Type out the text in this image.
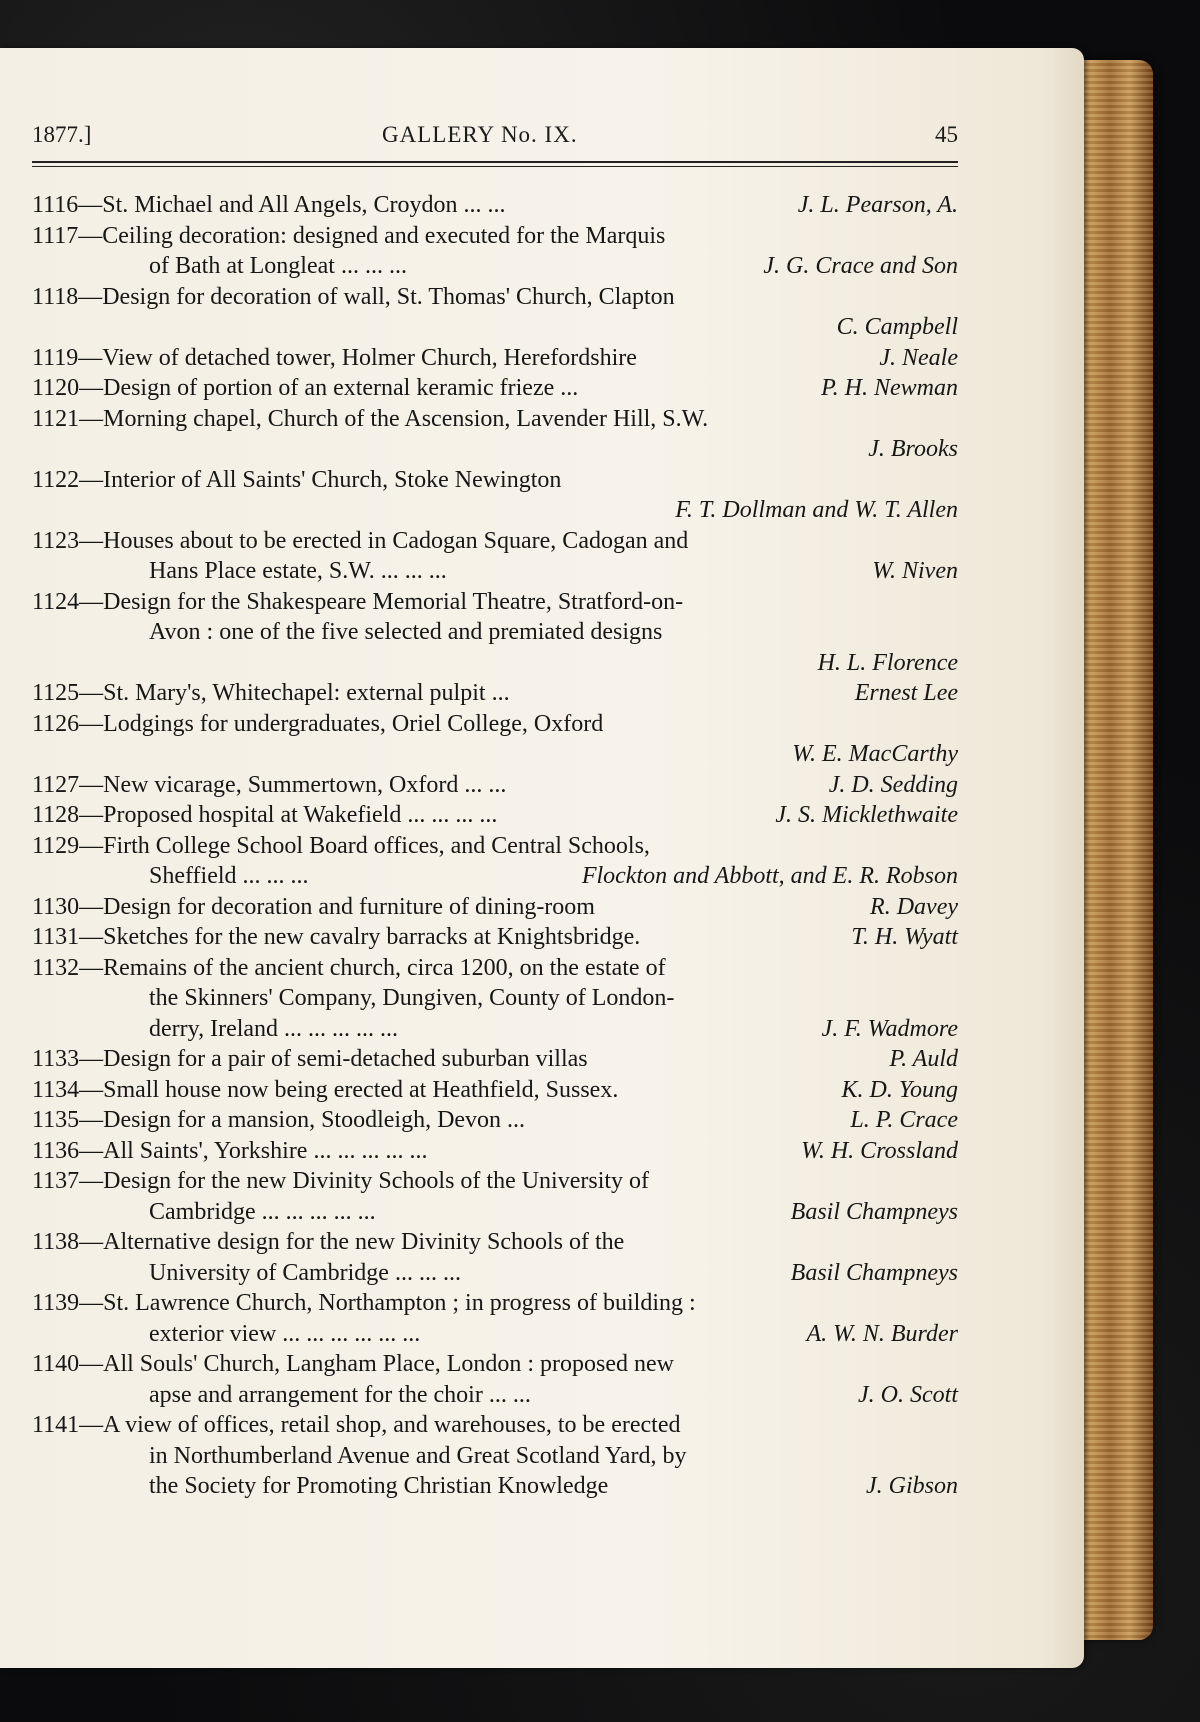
1877.]	GALLERY No. IX.	45
1116—St. Michael and All Angels, Croydon ... ...	J. L. Pearson, A.
1117—Ceiling decoration: designed and executed for the Marquis
of Bath at Longleat ... ... ...	J. G. Crace and Son
1118—Design for decoration of wall, St. Thomas' Church, Clapton
C. Campbell
1119—View of detached tower, Holmer Church, Herefordshire	J. Neale
1120—Design of portion of an external keramic frieze ...	P. H. Newman
1121—Morning chapel, Church of the Ascension, Lavender Hill, S.W.
J. Brooks
1122—Interior of All Saints' Church, Stoke Newington
F. T. Dollman and W. T. Allen
1123—Houses about to be erected in Cadogan Square, Cadogan and
Hans Place estate, S.W. ... ... ...	W. Niven
1124—Design for the Shakespeare Memorial Theatre, Stratford-on-
Avon : one of the five selected and premiated designs
H. L. Florence
1125—St. Mary's, Whitechapel: external pulpit ...	Ernest Lee
1126—Lodgings for undergraduates, Oriel College, Oxford
W. E. MacCarthy
1127—New vicarage, Summertown, Oxford ... ...	J. D. Sedding
1128—Proposed hospital at Wakefield ... ... ... ...	J. S. Micklethwaite
1129—Firth College School Board offices, and Central Schools,
Sheffield ... ... ...	Flockton and Abbott, and E. R. Robson
1130—Design for decoration and furniture of dining-room	R. Davey
1131—Sketches for the new cavalry barracks at Knightsbridge.	T. H. Wyatt
1132—Remains of the ancient church, circa 1200, on the estate of
the Skinners' Company, Dungiven, County of London-
derry, Ireland ... ... ... ... ...	J. F. Wadmore
1133—Design for a pair of semi-detached suburban villas	P. Auld
1134—Small house now being erected at Heathfield, Sussex.	K. D. Young
1135—Design for a mansion, Stoodleigh, Devon ...	L. P. Crace
1136—All Saints', Yorkshire ... ... ... ... ...	W. H. Crossland
1137—Design for the new Divinity Schools of the University of
Cambridge ... ... ... ... ...	Basil Champneys
1138—Alternative design for the new Divinity Schools of the
University of Cambridge ... ... ...	Basil Champneys
1139—St. Lawrence Church, Northampton ; in progress of building :
exterior view ... ... ... ... ... ...	A. W. N. Burder
1140—All Souls' Church, Langham Place, London : proposed new
apse and arrangement for the choir ... ...	J. O. Scott
1141—A view of offices, retail shop, and warehouses, to be erected
in Northumberland Avenue and Great Scotland Yard, by
the Society for Promoting Christian Knowledge	J. Gibson
